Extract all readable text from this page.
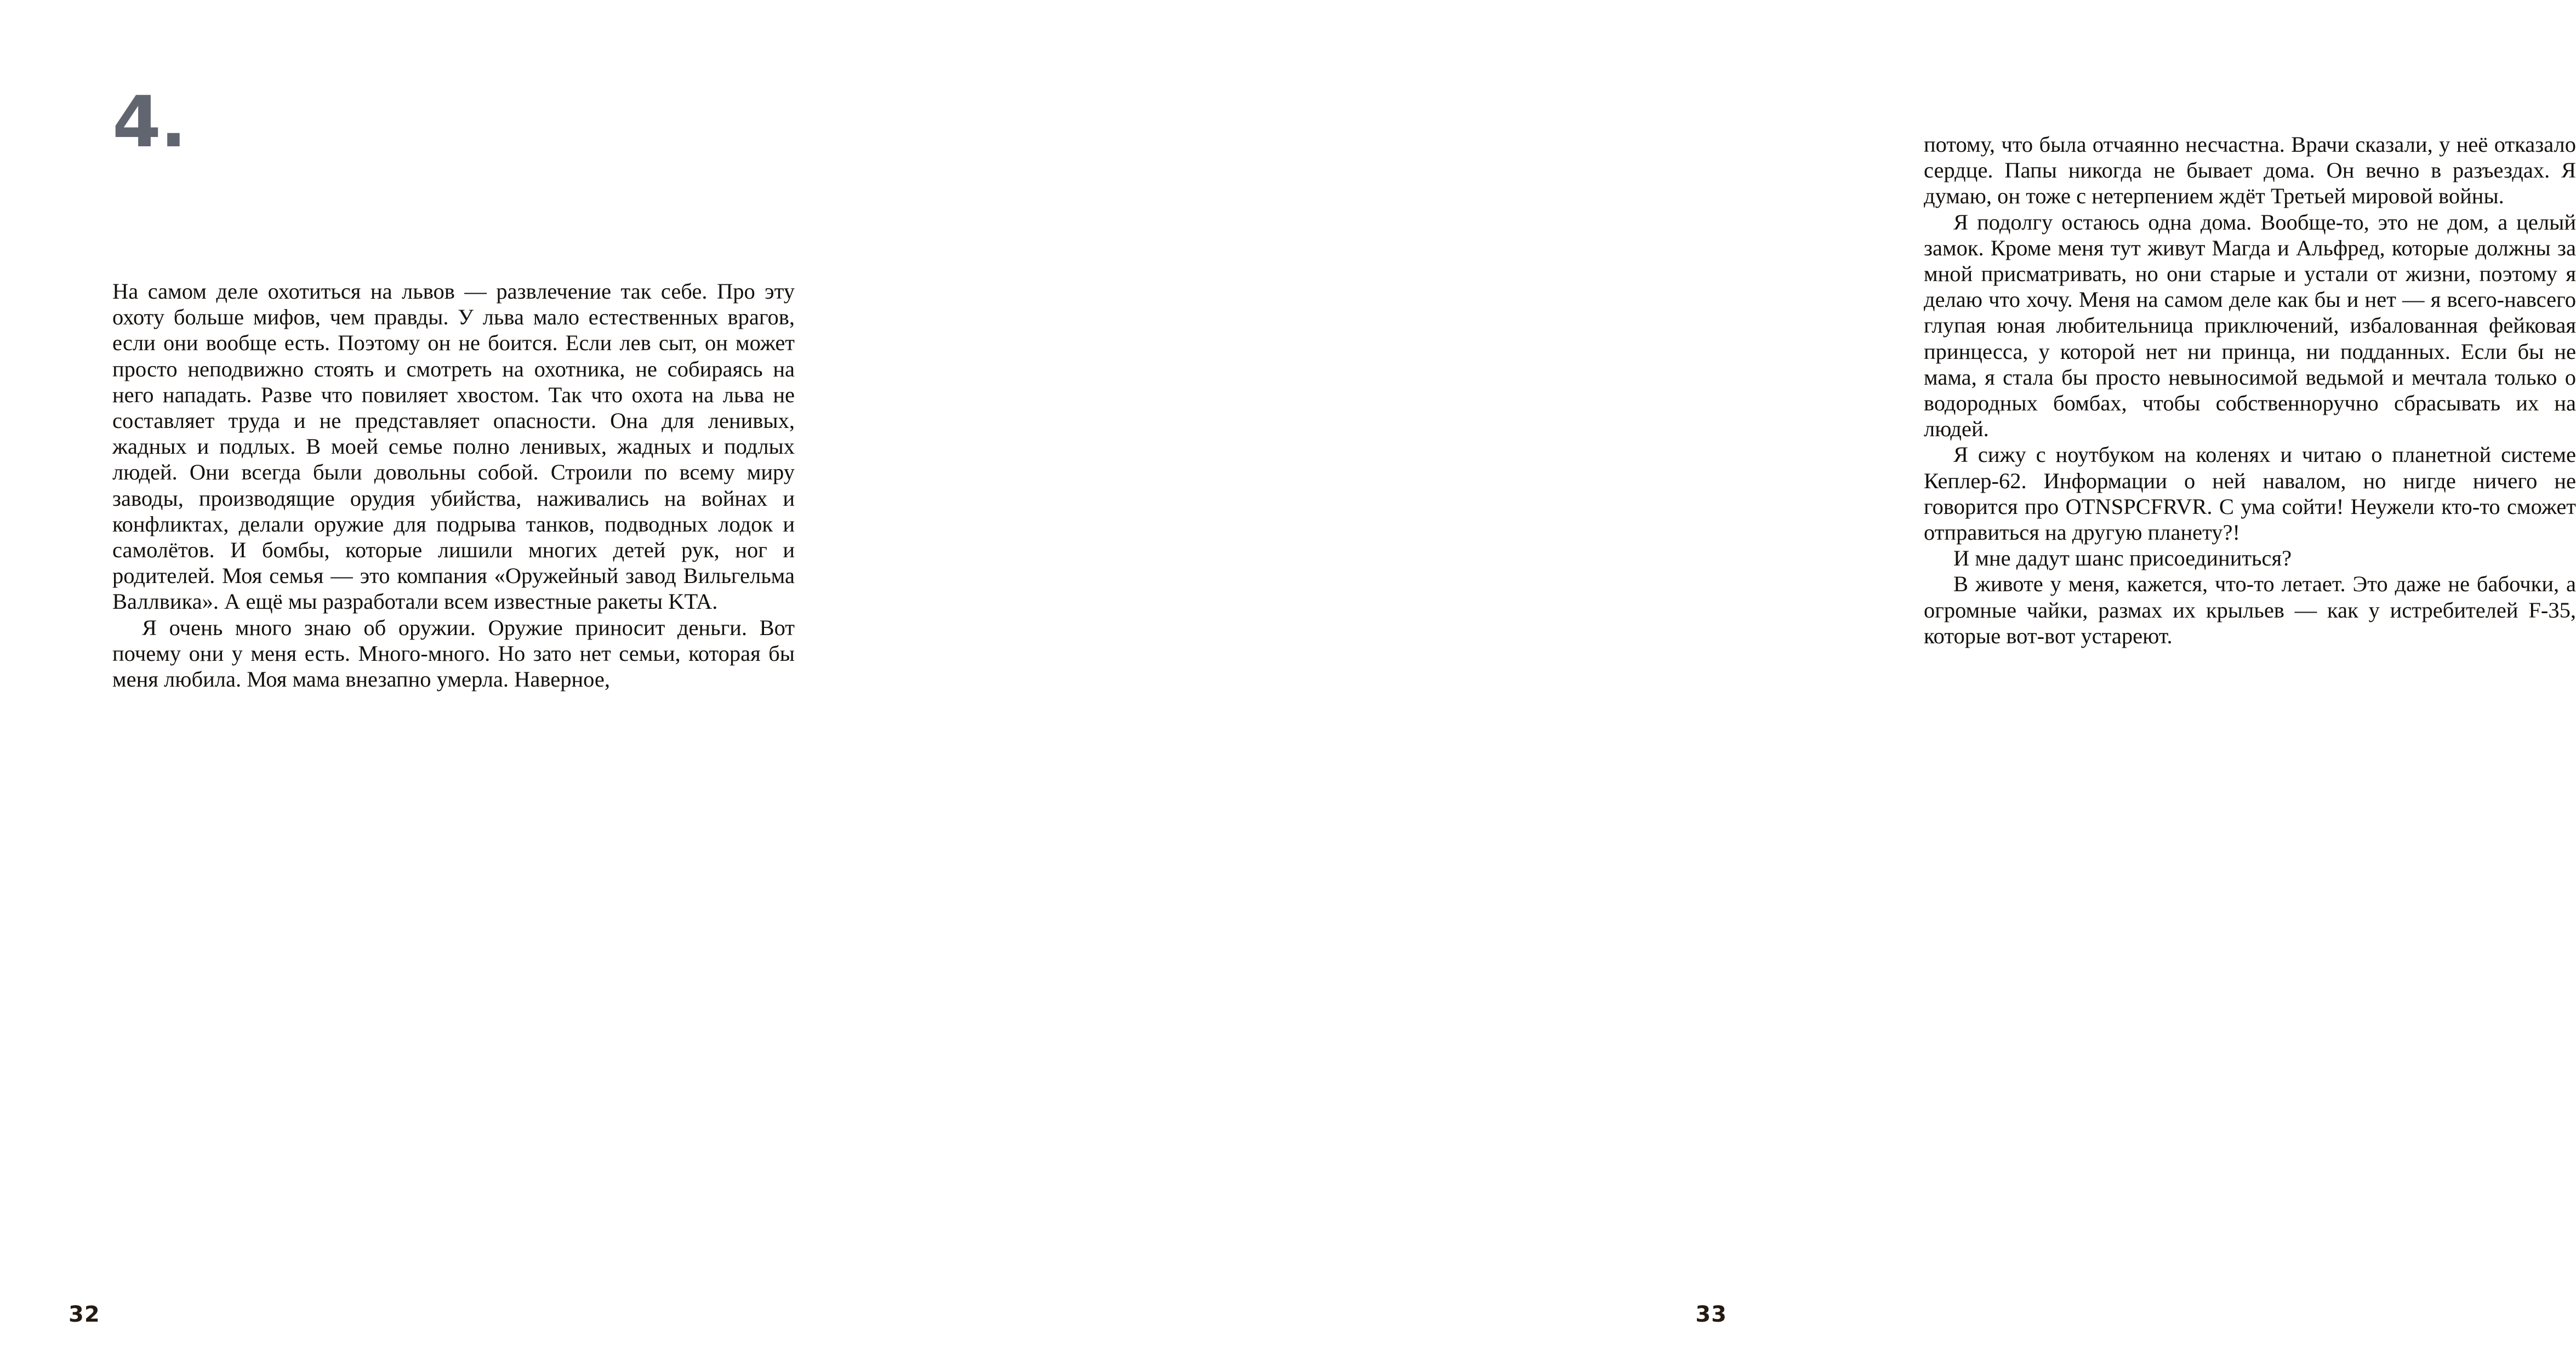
4.

На самом деле охотиться на львов — развлечение так себе. Про эту охоту больше мифов, чем правды. У льва мало естественных врагов, если они вообще есть. Поэтому он не боится. Если лев сыт, он может просто неподвижно стоять и смотреть на охотника, не собираясь на него нападать. Разве что повиляет хвостом. Так что охота на льва не составляет труда и не представляет опасности. Она для ленивых, жадных и подлых. В моей семье полно ленивых, жадных и подлых людей. Они всегда были довольны собой. Строили по всему миру заводы, производящие орудия убийства, наживались на войнах и конфликтах, делали оружие для подрыва танков, подводных лодок и самолётов. И бомбы, которые лишили многих детей рук, ног и родителей. Моя семья — это компания «Оружейный завод Вильгельма Валлвика». А ещё мы разработали всем известные ракеты KTA.

Я очень много знаю об оружии. Оружие приносит деньги. Вот почему они у меня есть. Много-много. Но зато нет семьи, которая бы меня любила. Моя мама внезапно умерла. Наверное,

32

потому, что была отчаянно несчастна. Врачи сказали, у неё отказало сердце. Папы никогда не бывает дома. Он вечно в разъездах. Я думаю, он тоже с нетерпением ждёт Третьей мировой войны.

Я подолгу остаюсь одна дома. Вообще-то, это не дом, а целый замок. Кроме меня тут живут Магда и Альфред, которые должны за мной присматривать, но они старые и устали от жизни, поэтому я делаю что хочу. Меня на самом деле как бы и нет — я всего-навсего глупая юная любительница приключений, избалованная фейковая принцесса, у которой нет ни принца, ни подданных. Если бы не мама, я стала бы просто невыносимой ведьмой и мечтала только о водородных бомбах, чтобы собственноручно сбрасывать их на людей.

Я сижу с ноутбуком на коленях и читаю о планетной системе Кеплер-62. Информации о ней навалом, но нигде ничего не говорится про OTNSPCFRVR. С ума сойти! Неужели кто-то сможет отправиться на другую планету?!

И мне дадут шанс присоединиться?

В животе у меня, кажется, что-то летает. Это даже не бабочки, а огромные чайки, размах их крыльев — как у истребителей F-35, которые вот-вот устареют.

33
